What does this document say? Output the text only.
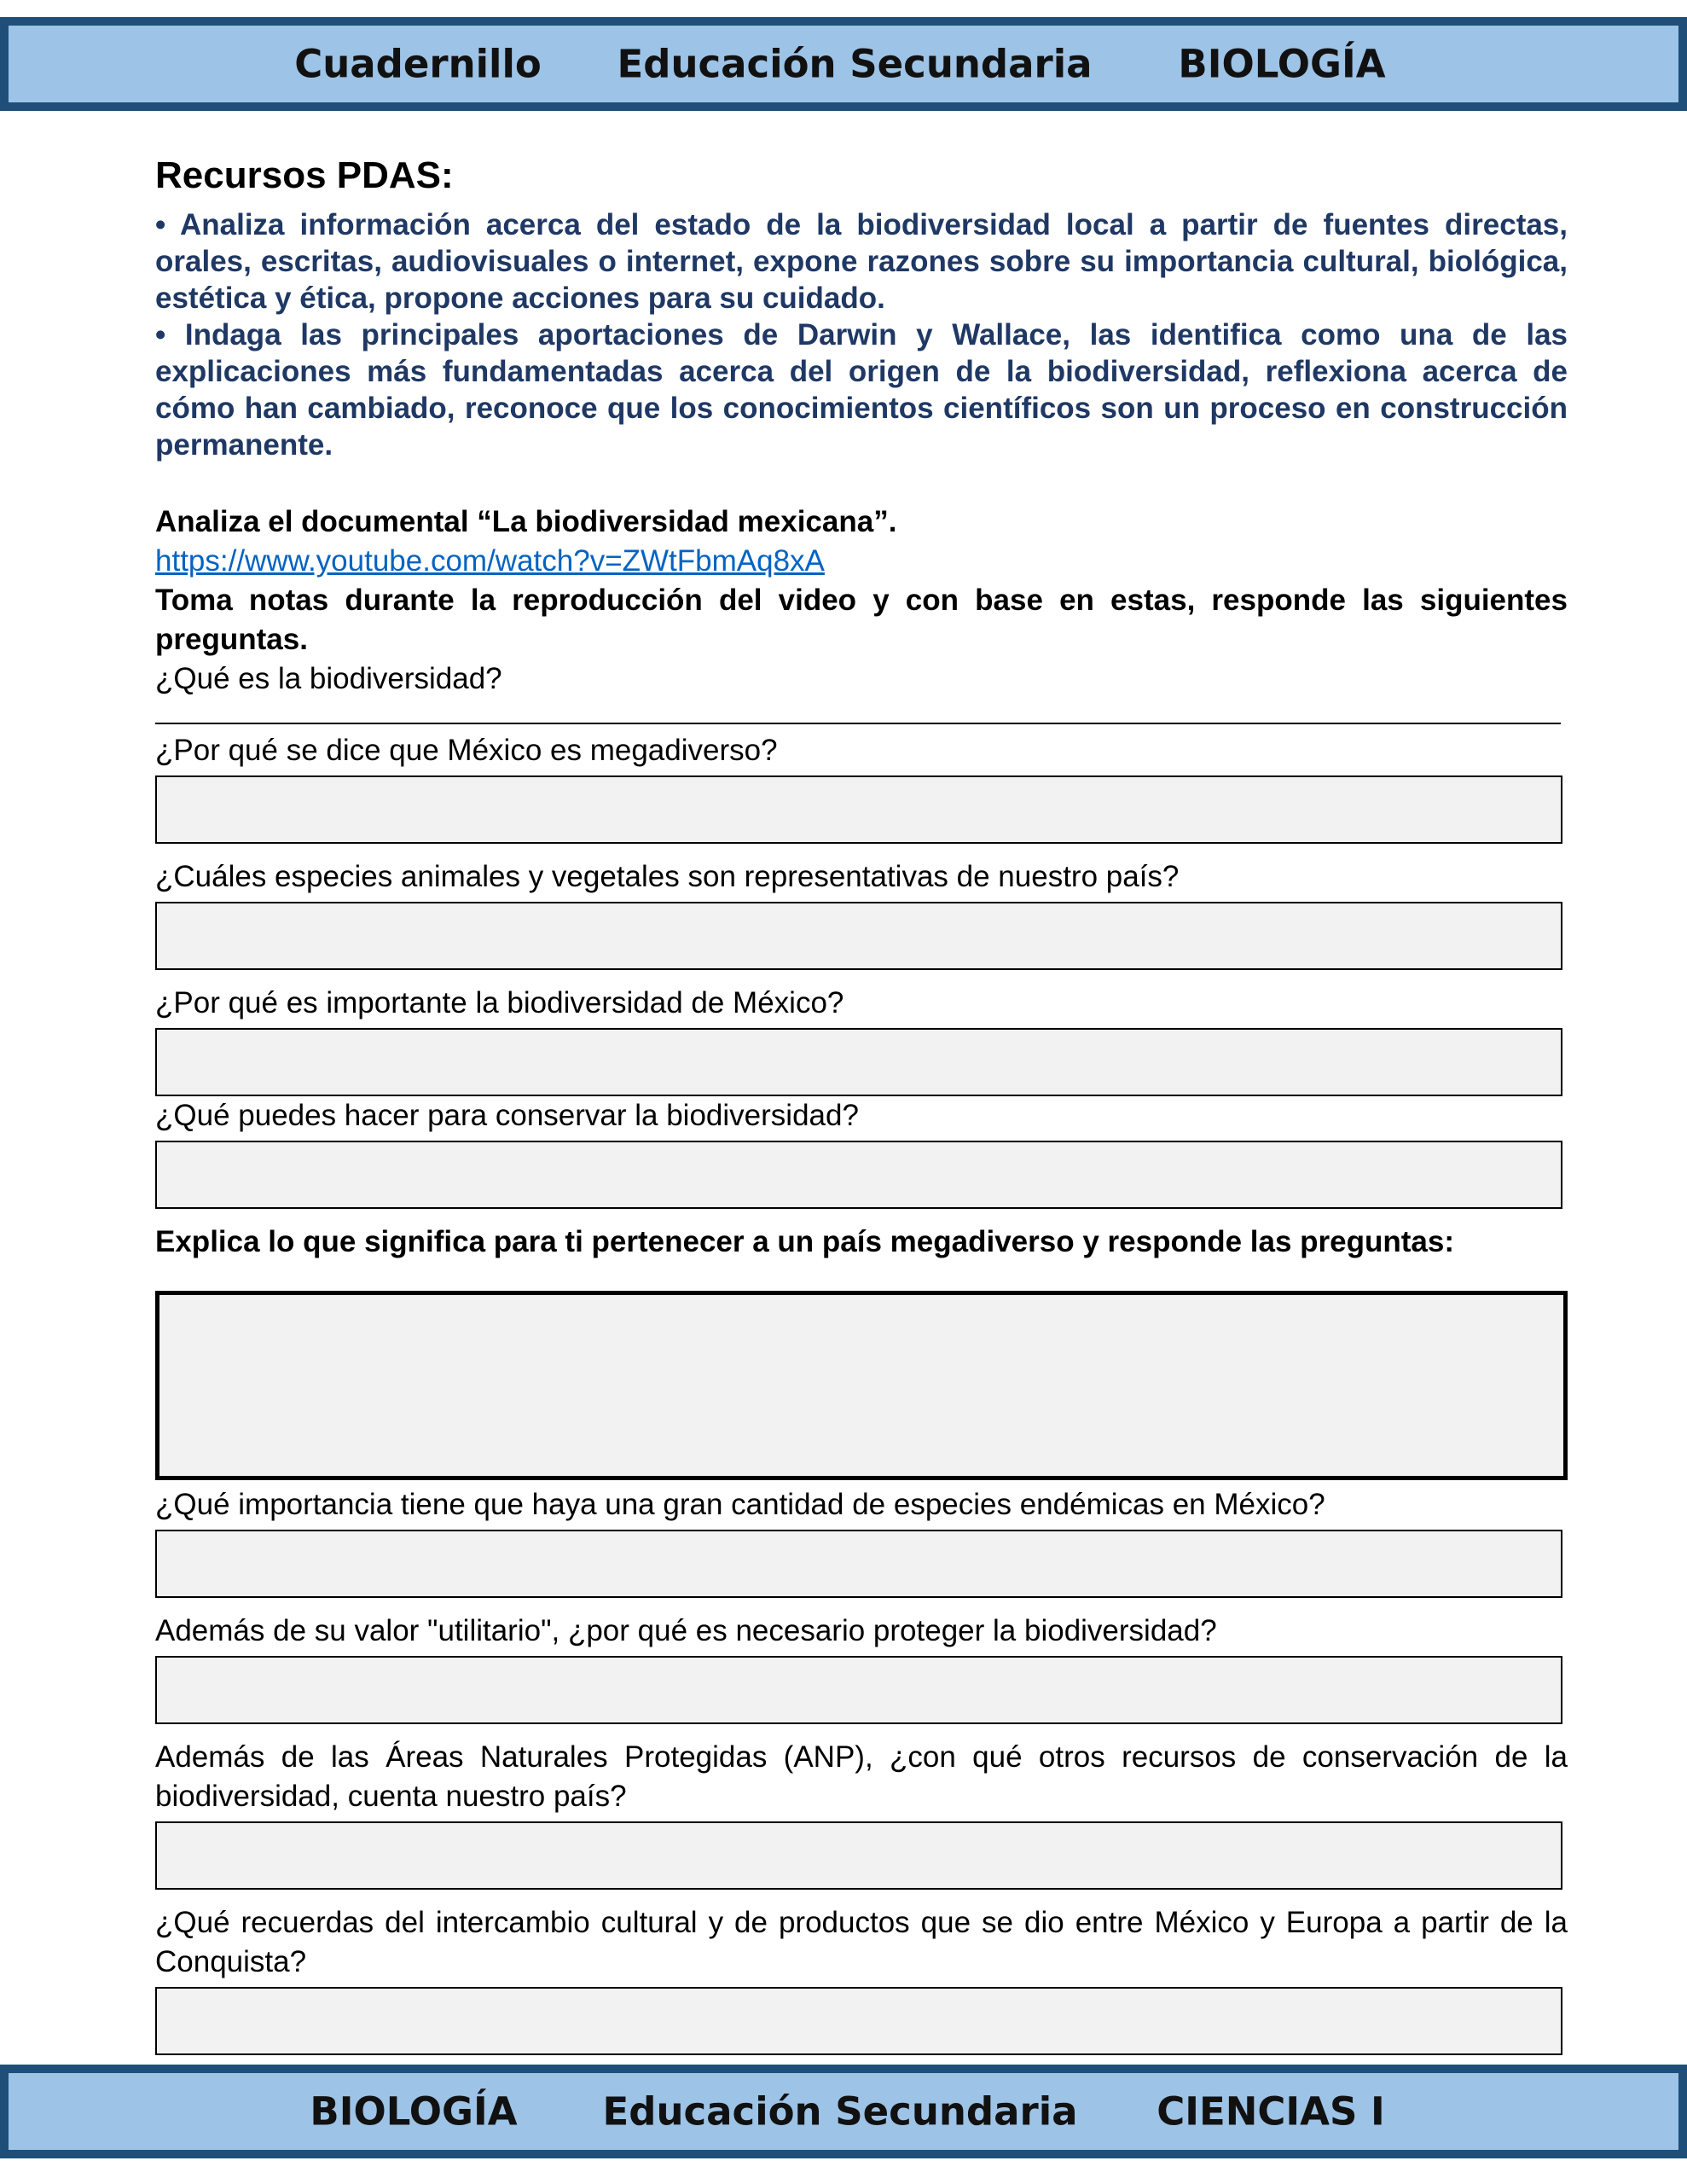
Cuadernillo Educación Secundaria BIOLOGÍA

Recursos PDAS:

• Analiza información acerca del estado de la biodiversidad local a partir de fuentes directas, orales, escritas, audiovisuales o internet, expone razones sobre su importancia cultural, biológica, estética y ética, propone acciones para su cuidado.

• Indaga las principales aportaciones de Darwin y Wallace, las identifica como una de las explicaciones más fundamentadas acerca del origen de la biodiversidad, reflexiona acerca de cómo han cambiado, reconoce que los conocimientos científicos son un proceso en construcción permanente.

Analiza el documental “La biodiversidad mexicana”.

https://www.youtube.com/watch?v=ZWtFbmAq8xA

Toma notas durante la reproducción del video y con base en estas, responde las siguientes preguntas.

¿Qué es la biodiversidad?

¿Por qué se dice que México es megadiverso?

¿Cuáles especies animales y vegetales son representativas de nuestro país?

¿Por qué es importante la biodiversidad de México?

¿Qué puedes hacer para conservar la biodiversidad?

Explica lo que significa para ti pertenecer a un país megadiverso y responde las preguntas:

¿Qué importancia tiene que haya una gran cantidad de especies endémicas en México?

Además de su valor "utilitario", ¿por qué es necesario proteger la biodiversidad?

Además de las Áreas Naturales Protegidas (ANP), ¿con qué otros recursos de conservación de la biodiversidad, cuenta nuestro país?

¿Qué recuerdas del intercambio cultural y de productos que se dio entre México y Europa a partir de la Conquista?

BIOLOGÍA Educación Secundaria CIENCIAS I
